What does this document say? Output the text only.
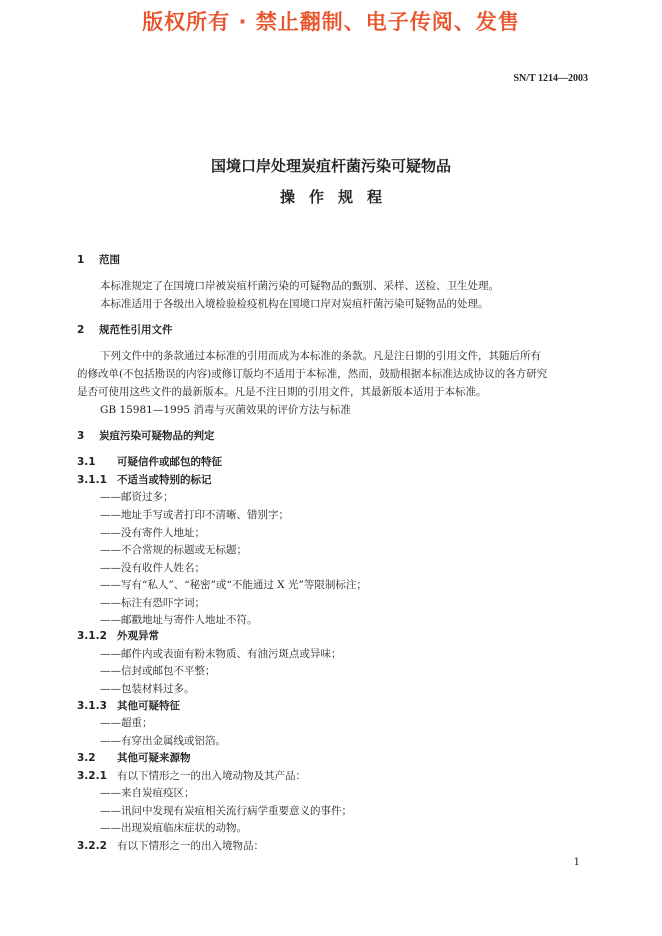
版权所有 · 禁止翻制、电子传阅、发售
SN/T 1214—2003
国境口岸处理炭疽杆菌污染可疑物品
操作规程
1 范围
本标准规定了在国境口岸被炭疽杆菌污染的可疑物品的甄别、采样、送检、卫生处理。
本标准适用于各级出入境检验检疫机构在国境口岸对炭疽杆菌污染可疑物品的处理。
2 规范性引用文件
下列文件中的条款通过本标准的引用而成为本标准的条款。凡是注日期的引用文件，其随后所有
的修改单(不包括勘误的内容)或修订版均不适用于本标准，然而，鼓励根据本标准达成协议的各方研究
是否可使用这些文件的最新版本。凡是不注日期的引用文件，其最新版本适用于本标准。
GB 15981—1995 消毒与灭菌效果的评价方法与标准
3 炭疽污染可疑物品的判定
3.1 可疑信件或邮包的特征
3.1.1 不适当或特别的标记
——邮资过多；
——地址手写或者打印不清晰、错别字；
——没有寄件人地址；
——不合常规的标题或无标题；
——没有收件人姓名；
——写有“私人”、“秘密”或“不能通过 X 光”等限制标注；
——标注有恐吓字词；
——邮戳地址与寄件人地址不符。
3.1.2 外观异常
——邮件内或表面有粉末物质、有油污斑点或异味；
——信封或邮包不平整；
——包装材料过多。
3.1.3 其他可疑特征
——超重；
——有穿出金属线或铝箔。
3.2 其他可疑来源物
3.2.1 有以下情形之一的出入境动物及其产品：
——来自炭疽疫区；
——讯问中发现有炭疽相关流行病学重要意义的事件；
——出现炭疽临床症状的动物。
3.2.2 有以下情形之一的出入境物品：
1
